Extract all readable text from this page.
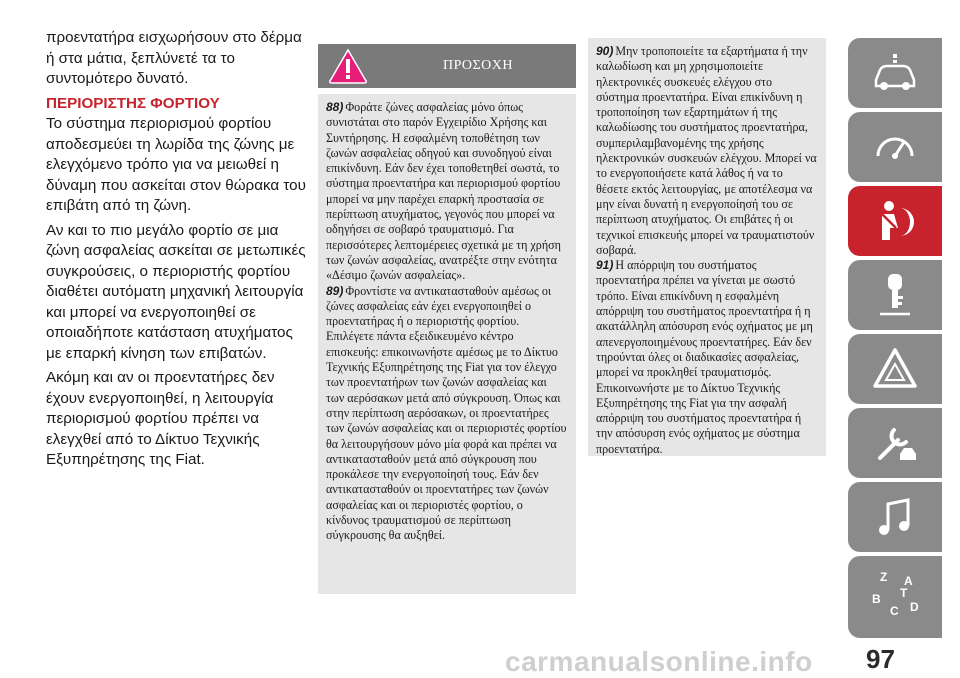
προεντατήρα εισχωρήσουν στο δέρμα ή στα μάτια, ξεπλύνετέ τα το συντομότερο δυνατό.

ΠΕΡΙΟΡΙΣΤΗΣ ΦΟΡΤΙΟΥ

Το σύστημα περιορισμού φορτίου αποδεσμεύει τη λωρίδα της ζώνης με ελεγχόμενο τρόπο για να μειωθεί η δύναμη που ασκείται στον θώρακα του επιβάτη από τη ζώνη.

Αν και το πιο μεγάλο φορτίο σε μια ζώνη ασφαλείας ασκείται σε μετωπικές συγκρούσεις, ο περιοριστής φορτίου διαθέτει αυτόματη μηχανική λειτουργία και μπορεί να ενεργοποιηθεί σε οποιαδήποτε κατάσταση ατυχήματος με επαρκή κίνηση των επιβατών.

Ακόμη και αν οι προεντατήρες δεν έχουν ενεργοποιηθεί, η λειτουργία περιορισμού φορτίου πρέπει να ελεγχθεί από το Δίκτυο Τεχνικής Εξυπηρέτησης της Fiat.

ΠΡΟΣΟΧΗ

88) Φοράτε ζώνες ασφαλείας μόνο όπως συνιστάται στο παρόν Εγχειρίδιο Χρήσης και Συντήρησης. Η εσφαλμένη τοποθέτηση των ζωνών ασφαλείας οδηγού και συνοδηγού είναι επικίνδυνη. Εάν δεν έχει τοποθετηθεί σωστά, το σύστημα προεντατήρα και περιορισμού φορτίου μπορεί να μην παρέχει επαρκή προστασία σε περίπτωση ατυχήματος, γεγονός που μπορεί να οδηγήσει σε σοβαρό τραυματισμό. Για περισσότερες λεπτομέρειες σχετικά με τη χρήση των ζωνών ασφαλείας, ανατρέξτε στην ενότητα «Δέσιμο ζωνών ασφαλείας».

89) Φροντίστε να αντικατασταθούν αμέσως οι ζώνες ασφαλείας εάν έχει ενεργοποιηθεί ο προεντατήρας ή ο περιοριστής φορτίου. Επιλέγετε πάντα εξειδικευμένο κέντρο επισκευής: επικοινωνήστε αμέσως με το Δίκτυο Τεχνικής Εξυπηρέτησης της Fiat για τον έλεγχο των προεντατήρων των ζωνών ασφαλείας και των αερόσακων μετά από σύγκρουση. Όπως και στην περίπτωση αερόσακων, οι προεντατήρες των ζωνών ασφαλείας και οι περιοριστές φορτίου θα λειτουργήσουν μόνο μία φορά και πρέπει να αντικατασταθούν μετά από σύγκρουση που προκάλεσε την ενεργοποίησή τους. Εάν δεν αντικατασταθούν οι προεντατήρες των ζωνών ασφαλείας και οι περιοριστές φορτίου, ο κίνδυνος τραυματισμού σε περίπτωση σύγκρουσης θα αυξηθεί.

90) Μην τροποποιείτε τα εξαρτήματα ή την καλωδίωση και μη χρησιμοποιείτε ηλεκτρονικές συσκευές ελέγχου στο σύστημα προεντατήρα. Είναι επικίνδυνη η τροποποίηση των εξαρτημάτων ή της καλωδίωσης του συστήματος προεντατήρα, συμπεριλαμβανομένης της χρήσης ηλεκτρονικών συσκευών ελέγχου. Μπορεί να το ενεργοποιήσετε κατά λάθος ή να το θέσετε εκτός λειτουργίας, με αποτέλεσμα να μην είναι δυνατή η ενεργοποίησή του σε περίπτωση ατυχήματος. Οι επιβάτες ή οι τεχνικοί επισκευής μπορεί να τραυματιστούν σοβαρά.

91) Η απόρριψη του συστήματος προεντατήρα πρέπει να γίνεται με σωστό τρόπο. Είναι επικίνδυνη η εσφαλμένη απόρριψη του συστήματος προεντατήρα ή η ακατάλληλη απόσυρση ενός οχήματος με μη απενεργοποιημένους προεντατήρες. Εάν δεν τηρούνται όλες οι διαδικασίες ασφαλείας, μπορεί να προκληθεί τραυματισμός. Επικοινωνήστε με το Δίκτυο Τεχνικής Εξυπηρέτησης της Fiat για την ασφαλή απόρριψη του συστήματος προεντατήρα ή την απόσυρση ενός οχήματος με σύστημα προεντατήρα.

Z A
B
C
T
D
carmanualsonline.info 97
